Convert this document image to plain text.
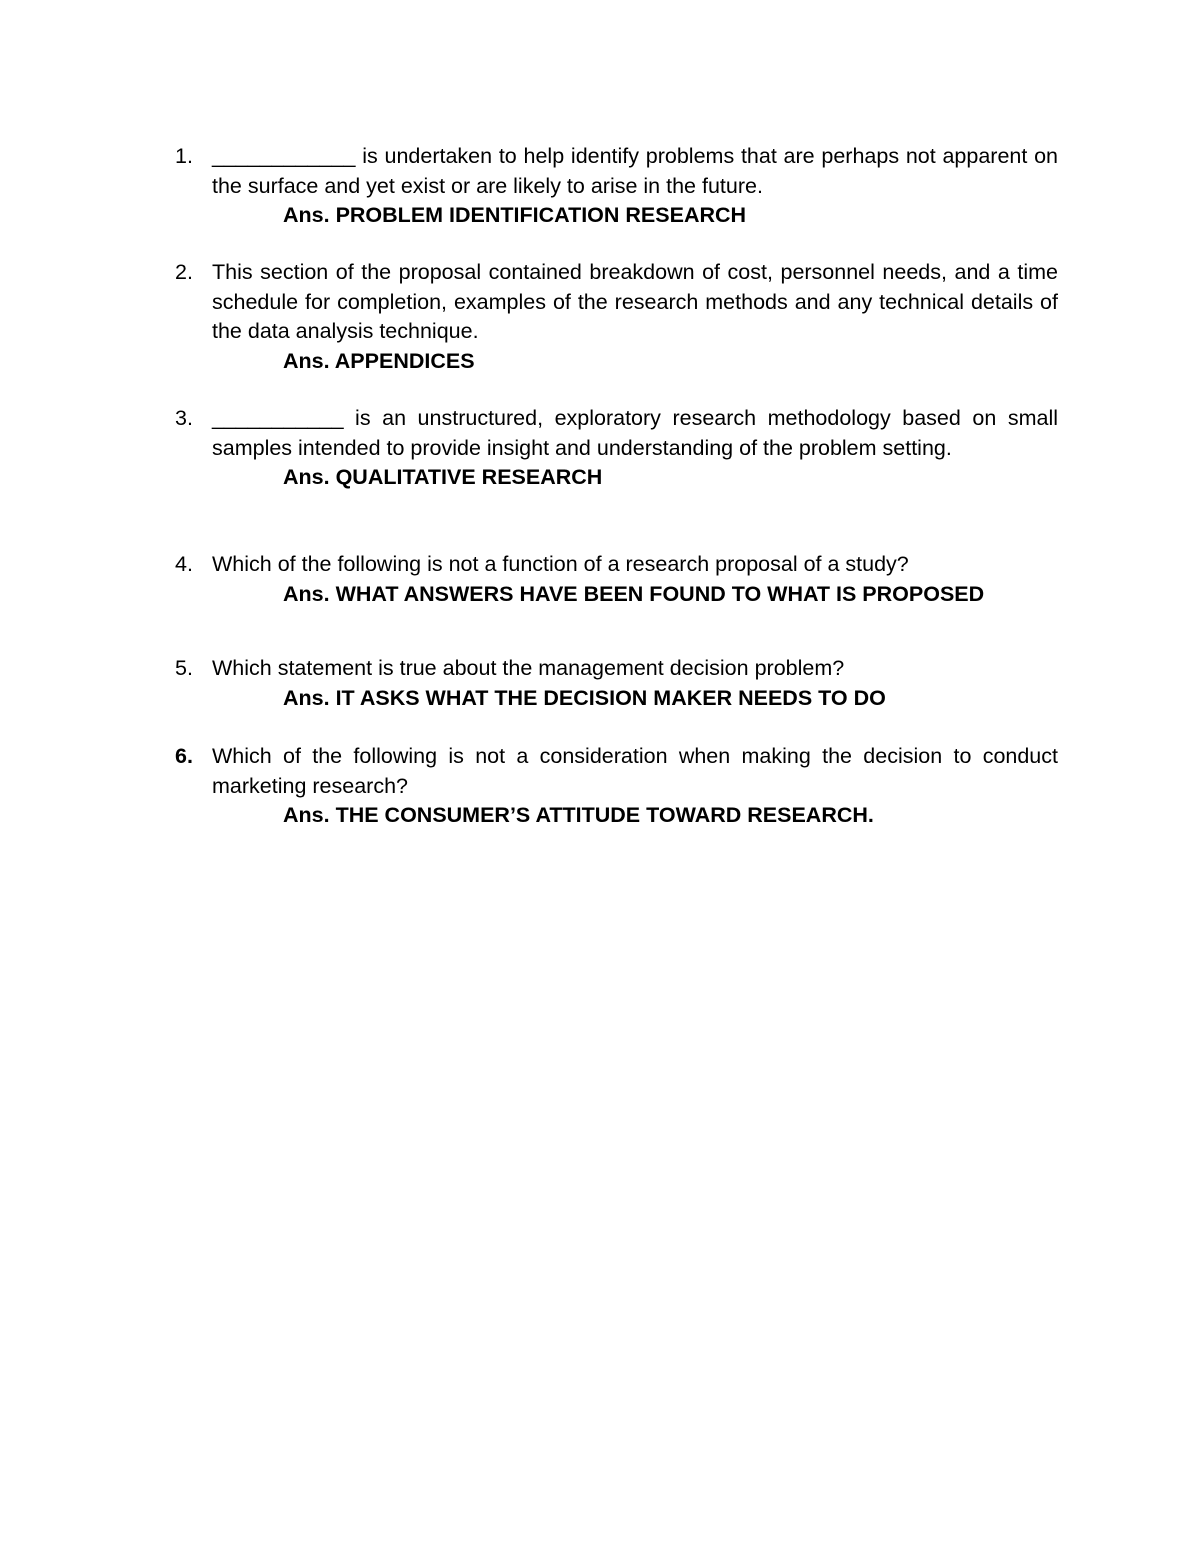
1. ____________ is undertaken to help identify problems that are perhaps not apparent on the surface and yet exist or are likely to arise in the future.
Ans. PROBLEM IDENTIFICATION RESEARCH
2. This section of the proposal contained breakdown of cost, personnel needs, and a time schedule for completion, examples of the research methods and any technical details of the data analysis technique.
Ans. APPENDICES
3. ___________ is an unstructured, exploratory research methodology based on small samples intended to provide insight and understanding of the problem setting.
Ans. QUALITATIVE RESEARCH
4. Which of the following is not a function of a research proposal of a study?
Ans. WHAT ANSWERS HAVE BEEN FOUND TO WHAT IS PROPOSED
5. Which statement is true about the management decision problem?
Ans. IT ASKS WHAT THE DECISION MAKER NEEDS TO DO
6. Which of the following is not a consideration when making the decision to conduct marketing research?
Ans. THE CONSUMER’S ATTITUDE TOWARD RESEARCH.
